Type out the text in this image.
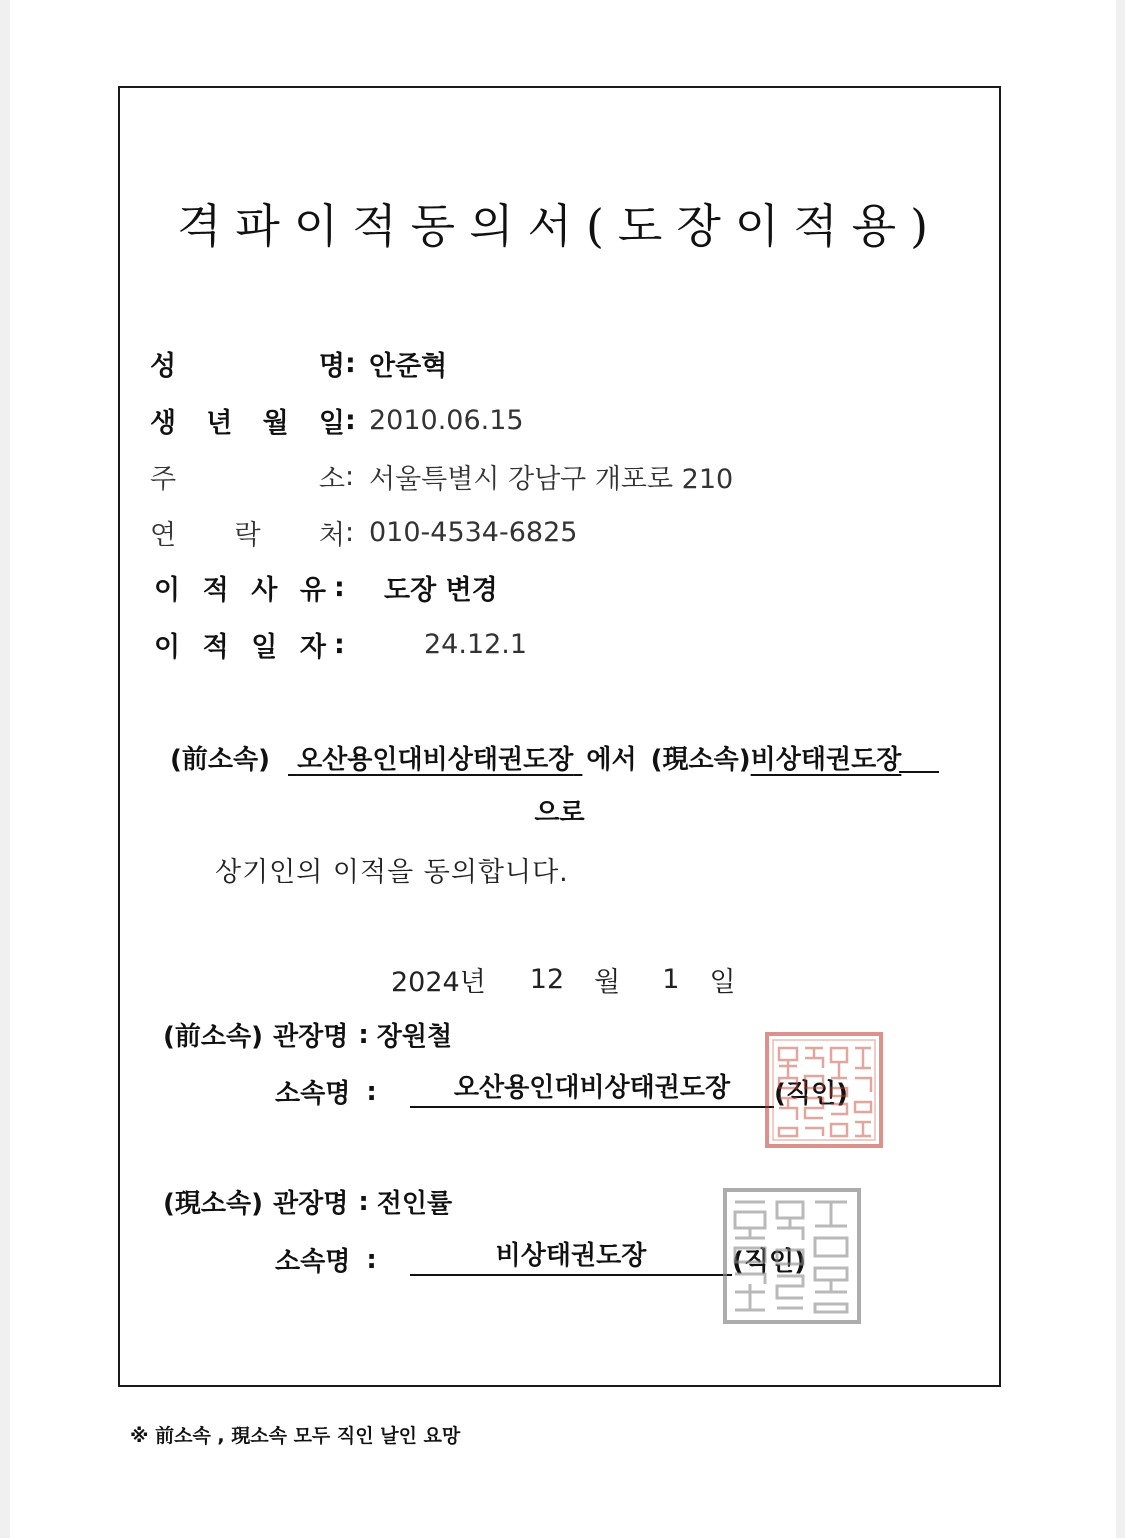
격파이적동의서(도장이적용)
성	명 : 안준혁
생 년 월 일 : 2010.06.15
주	소 : 서울특별시 강남구 개포로 210
연 락 처 : 010-4534-6825
이 적 사 유 :	도장 변경
이 적 일 자 :	24.12.1
(前소속)	오산용인대비상태권도장 에서 (現소속) 비상태권도장
으로
상기인의 이적을 동의합니다.
2024년 12 월 1 일
(前소속) 관장명 : 장원철
소속명 :	오산용인대비상태권도장 (직인)
(現소속) 관장명 : 전인률
소속명 :	비상태권도장	(직인)
※ 前소속 , 現소속 모두 직인 날인 요망
